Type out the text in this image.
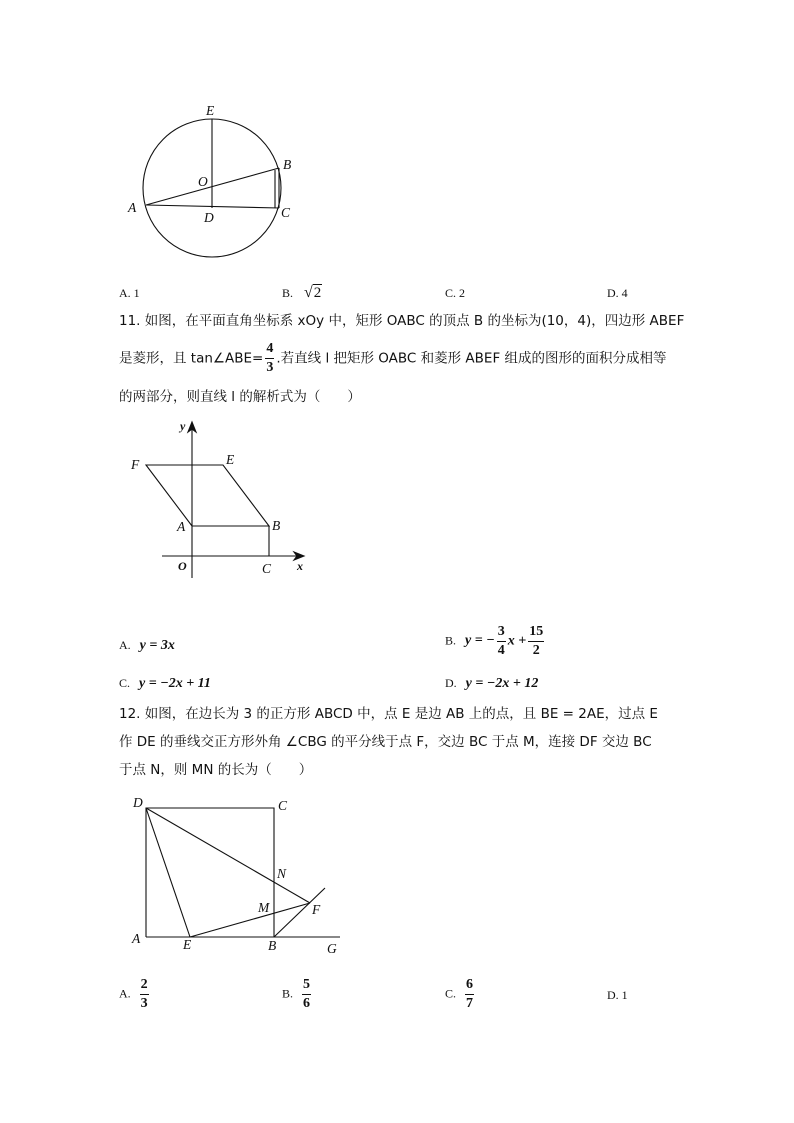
E
O
B
A
D	C
A. 1	B. √2	C. 2	D. 4
11. 如图，在平面直角坐标系 xOy 中，矩形 OABC 的顶点 B 的坐标为(10，4)，四边形 ABEF
是菱形，且 tan∠ABE= $\frac{4}{3}$ .若直线 l 把矩形 OABC 和菱形 ABEF 组成的图形的面积分成相等
的两部分，则直线 l 的解析式为（　　）
y
F	E
A	B
O	C x
A. y = 3x	B. y = − $\frac{3}{4}$ $x + \frac{15}{2}$
C. y = −2x + 11	D. y = −2x + 12
12. 如图，在边长为 3 的正方形 ABCD 中，点 E 是边 AB 上的点，且 BE = 2AE，过点 E
作 DE 的垂线交正方形外角 ∠CBG 的平分线于点 F，交边 BC 于点 M，连接 DF 交边 BC
于点 N，则 MN 的长为（　　）
D	C
N
M	F
A	E	B	G
A. $\frac{2}{3}$	B. $\frac{5}{6}$	C. $\frac{6}{7}$	D. 1
